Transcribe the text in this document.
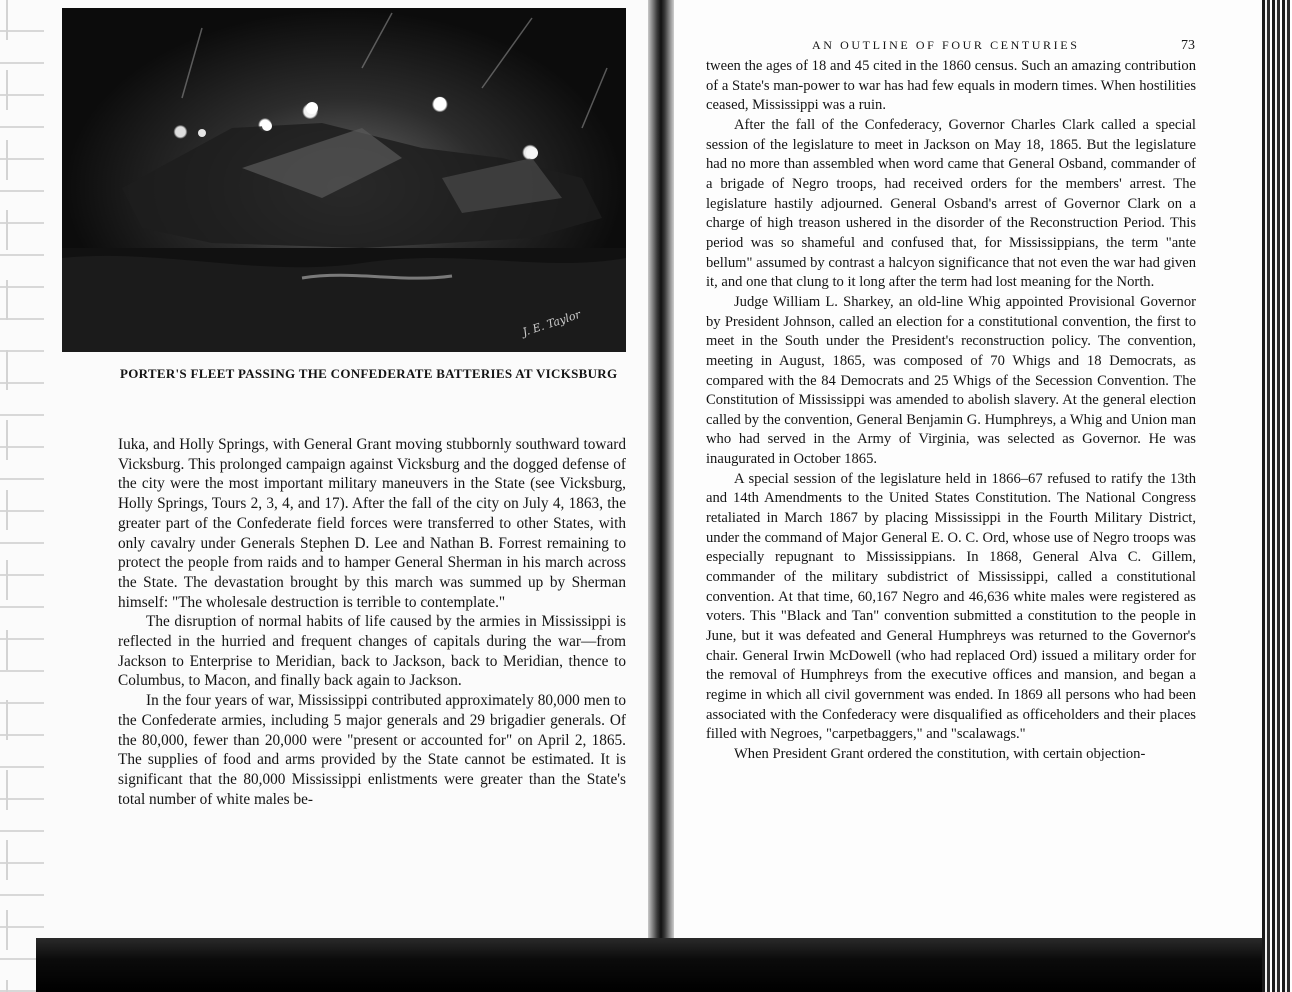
J. E. Taylor
PORTER'S FLEET PASSING THE CONFEDERATE BATTERIES AT VICKSBURG

Iuka, and Holly Springs, with General Grant moving stubbornly southward toward Vicksburg. This prolonged campaign against Vicksburg and the dogged defense of the city were the most important military maneuvers in the State (see Vicksburg, Holly Springs, Tours 2, 3, 4, and 17). After the fall of the city on July 4, 1863, the greater part of the Confederate field forces were transferred to other States, with only cavalry under Generals Stephen D. Lee and Nathan B. Forrest remaining to protect the people from raids and to hamper General Sherman in his march across the State. The devastation brought by this march was summed up by Sherman himself: "The wholesale destruction is terrible to contemplate."

The disruption of normal habits of life caused by the armies in Mississippi is reflected in the hurried and frequent changes of capitals during the war—from Jackson to Enterprise to Meridian, back to Jackson, back to Meridian, thence to Columbus, to Macon, and finally back again to Jackson.

In the four years of war, Mississippi contributed approximately 80,000 men to the Confederate armies, including 5 major generals and 29 brigadier generals. Of the 80,000, fewer than 20,000 were "present or accounted for" on April 2, 1865. The supplies of food and arms provided by the State cannot be estimated. It is significant that the 80,000 Mississippi enlistments were greater than the State's total number of white males be-

AN OUTLINE OF FOUR CENTURIES	73

tween the ages of 18 and 45 cited in the 1860 census. Such an amazing contribution of a State's man-power to war has had few equals in modern times. When hostilities ceased, Mississippi was a ruin.

After the fall of the Confederacy, Governor Charles Clark called a special session of the legislature to meet in Jackson on May 18, 1865. But the legislature had no more than assembled when word came that General Osband, commander of a brigade of Negro troops, had received orders for the members' arrest. The legislature hastily adjourned. General Osband's arrest of Governor Clark on a charge of high treason ushered in the disorder of the Reconstruction Period. This period was so shameful and confused that, for Mississippians, the term "ante bellum" assumed by contrast a halcyon significance that not even the war had given it, and one that clung to it long after the term had lost meaning for the North.

Judge William L. Sharkey, an old-line Whig appointed Provisional Governor by President Johnson, called an election for a constitutional convention, the first to meet in the South under the President's reconstruction policy. The convention, meeting in August, 1865, was composed of 70 Whigs and 18 Democrats, as compared with the 84 Democrats and 25 Whigs of the Secession Convention. The Constitution of Mississippi was amended to abolish slavery. At the general election called by the convention, General Benjamin G. Humphreys, a Whig and Union man who had served in the Army of Virginia, was selected as Governor. He was inaugurated in October 1865.

A special session of the legislature held in 1866–67 refused to ratify the 13th and 14th Amendments to the United States Constitution. The National Congress retaliated in March 1867 by placing Mississippi in the Fourth Military District, under the command of Major General E. O. C. Ord, whose use of Negro troops was especially repugnant to Mississippians. In 1868, General Alva C. Gillem, commander of the military subdistrict of Mississippi, called a constitutional convention. At that time, 60,167 Negro and 46,636 white males were registered as voters. This "Black and Tan" convention submitted a constitution to the people in June, but it was defeated and General Humphreys was returned to the Governor's chair. General Irwin McDowell (who had replaced Ord) issued a military order for the removal of Humphreys from the executive offices and mansion, and began a regime in which all civil government was ended. In 1869 all persons who had been associated with the Confederacy were disqualified as officeholders and their places filled with Negroes, "carpetbaggers," and "scalawags."

When President Grant ordered the constitution, with certain objection-
